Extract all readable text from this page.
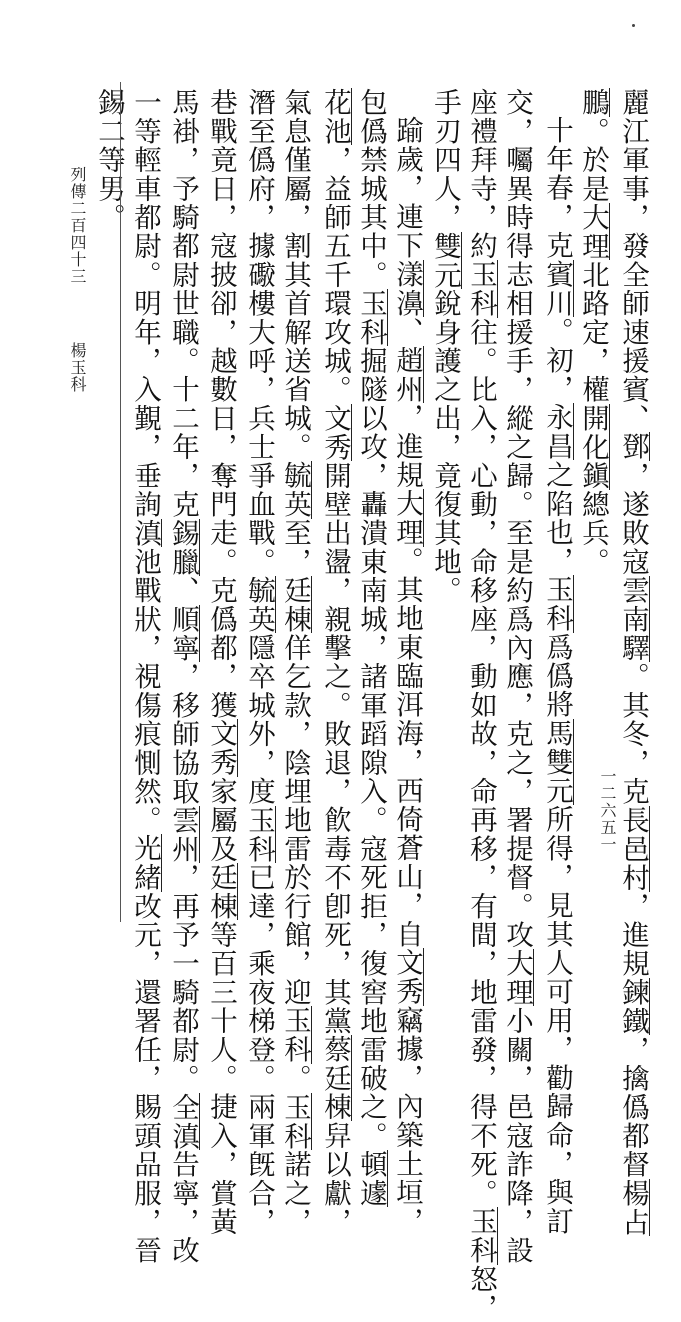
麗江軍事，發全師速援賓、鄧，遂敗寇雲南驛。其冬，克長邑村，進規鍊鐵，擒僞都督楊占
鵬。於是大理北路定，權開化鎭總兵。
十年春，克賓川。初，永昌之陷也，玉科爲僞將馬雙元所得，見其人可用，勸歸命，與訂
交，囑異時得志相援手，縱之歸。至是約爲內應，克之，署提督。攻大理小關，邑寇詐降，設
座禮拜寺，約玉科往。比入，心動，命移座，動如故，命再移，有間，地雷發，得不死。玉科怒，
手刃四人，雙元銳身護之出，竟復其地。
踰歲，連下漾濞、趙州，進規大理。其地東臨洱海，西倚蒼山，自文秀竊據，內築土垣，
包僞禁城其中。玉科掘隧以攻，轟潰東南城，諸軍蹈隙入。寇死拒，復窖地雷破之。頓遽
花池，益師五千環攻城。文秀開壁出盪，親擊之。敗退，飮毒不卽死，其黨蔡廷棟舁以獻，
氣息僅屬，割其首解送省城。毓英至，廷棟佯乞款，陰埋地雷於行館，迎玉科。玉科諾之，
潛至僞府，據礮樓大呼，兵士爭血戰。毓英隱卒城外，度玉科已達，乘夜梯登。兩軍旣合，
巷戰竟日，寇披卻，越數日，奪門走。克僞都，獲文秀家屬及廷棟等百三十人。捷入，賞黃
馬褂，予騎都尉世職。十二年，克錫臘、順寧，移師協取雲州，再予一騎都尉。全滇告寧，改
一等輕車都尉。明年，入覲，垂詢滇池戰狀，視傷痕惻然。光緒改元，還署任，賜頭品服，晉
錫二等男。
列傳二百四十三
楊玉科
一二六五一
